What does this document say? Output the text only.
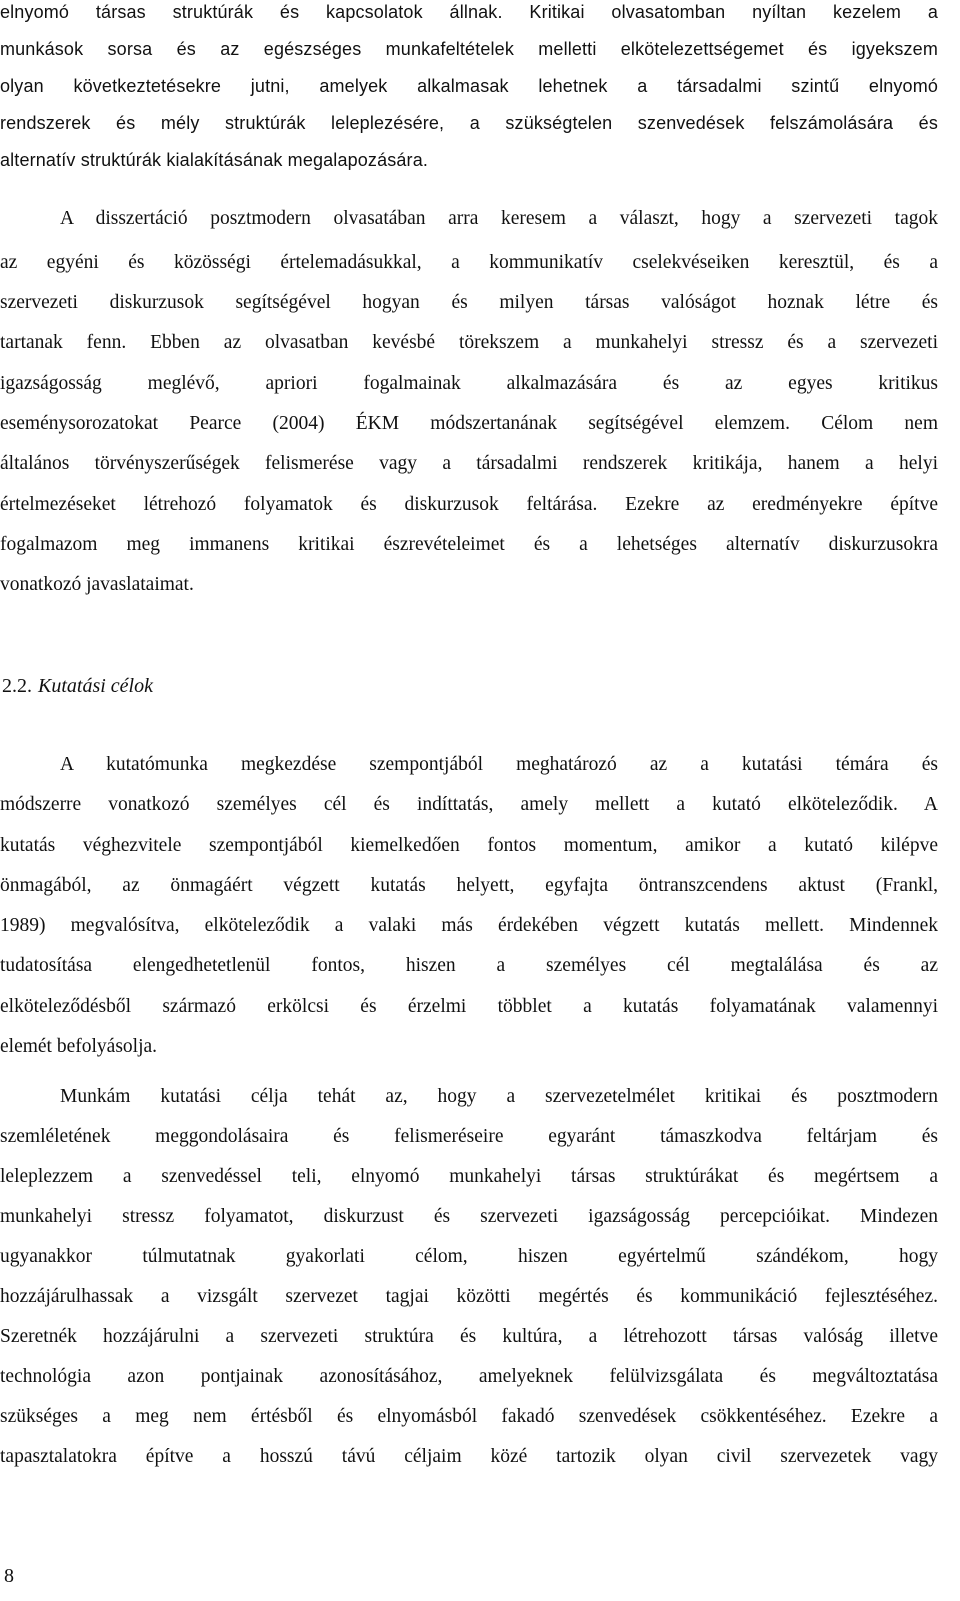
elnyomó társas struktúrák és kapcsolatok állnak. Kritikai olvasatomban nyíltan kezelem a
munkások sorsa és az egészséges munkafeltételek melletti elkötelezettségemet és igyekszem
olyan következtetésekre jutni, amelyek alkalmasak lehetnek a társadalmi szintű elnyomó
rendszerek és mély struktúrák leleplezésére, a szükségtelen szenvedések felszámolására és
alternatív struktúrák kialakításának megalapozására.
A disszertáció posztmodern olvasatában arra keresem a választ, hogy a szervezeti tagok
az egyéni és közösségi értelemadásukkal, a kommunikatív cselekvéseiken keresztül, és a
szervezeti diskurzusok segítségével hogyan és milyen társas valóságot hoznak létre és
tartanak fenn. Ebben az olvasatban kevésbé törekszem a munkahelyi stressz és a szervezeti
igazságosság meglévő, apriori fogalmainak alkalmazására és az egyes kritikus
eseménysorozatokat Pearce (2004) ÉKM módszertanának segítségével elemzem. Célom nem
általános törvényszerűségek felismerése vagy a társadalmi rendszerek kritikája, hanem a helyi
értelmezéseket létrehozó folyamatok és diskurzusok feltárása. Ezekre az eredményekre építve
fogalmazom meg immanens kritikai észrevételeimet és a lehetséges alternatív diskurzusokra
vonatkozó javaslataimat.
2.2. Kutatási célok
A kutatómunka megkezdése szempontjából meghatározó az a kutatási témára és
módszerre vonatkozó személyes cél és indíttatás, amely mellett a kutató elköteleződik. A
kutatás véghezvitele szempontjából kiemelkedően fontos momentum, amikor a kutató kilépve
önmagából, az önmagáért végzett kutatás helyett, egyfajta öntranszcendens aktust (Frankl,
1989) megvalósítva, elköteleződik a valaki más érdekében végzett kutatás mellett. Mindennek
tudatosítása elengedhetetlenül fontos, hiszen a személyes cél megtalálása és az
elköteleződésből származó erkölcsi és érzelmi többlet a kutatás folyamatának valamennyi
elemét befolyásolja.
Munkám kutatási célja tehát az, hogy a szervezetelmélet kritikai és posztmodern
szemléletének meggondolásaira és felismeréseire egyaránt támaszkodva feltárjam és
leleplezzem a szenvedéssel teli, elnyomó munkahelyi társas struktúrákat és megértsem a
munkahelyi stressz folyamatot, diskurzust és szervezeti igazságosság percepcióikat. Mindezen
ugyanakkor túlmutatnak gyakorlati célom, hiszen egyértelmű szándékom, hogy
hozzájárulhassak a vizsgált szervezet tagjai közötti megértés és kommunikáció fejlesztéséhez.
Szeretnék hozzájárulni a szervezeti struktúra és kultúra, a létrehozott társas valóság illetve
technológia azon pontjainak azonosításához, amelyeknek felülvizsgálata és megváltoztatása
szükséges a meg nem értésből és elnyomásból fakadó szenvedések csökkentéséhez. Ezekre a
tapasztalatokra építve a hosszú távú céljaim közé tartozik olyan civil szervezetek vagy
8
